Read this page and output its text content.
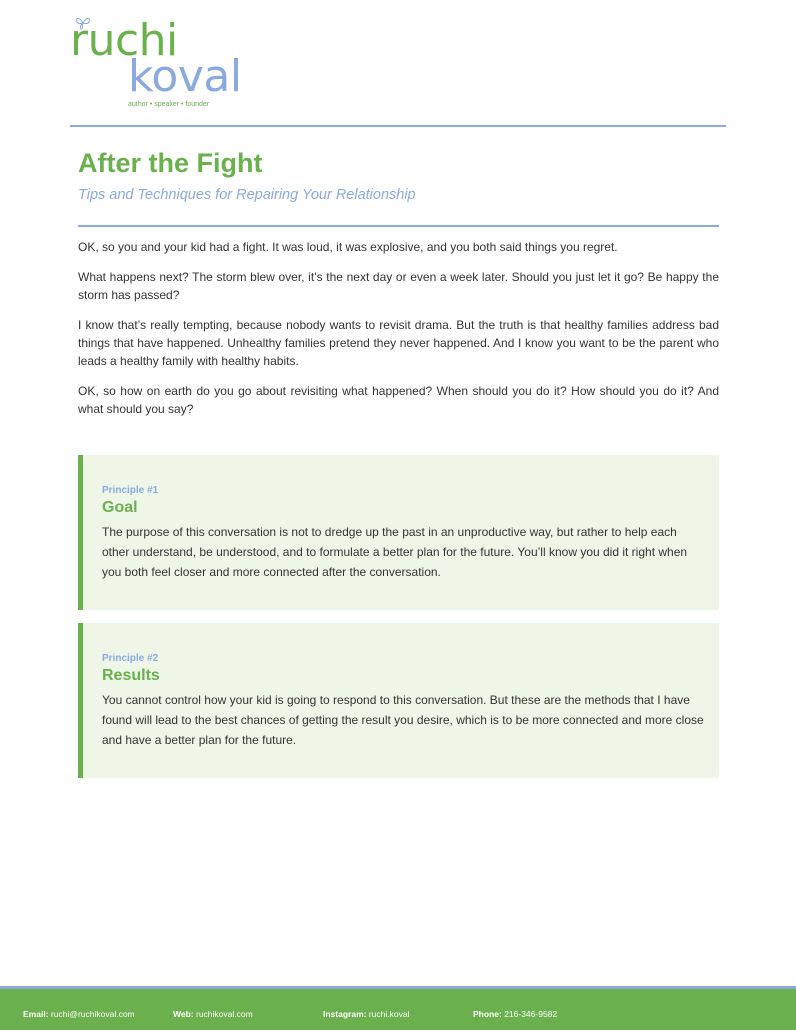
ruchi
koval
author • speaker • founder
After the Fight
Tips and Techniques for Repairing Your Relationship

OK, so you and your kid had a fight. It was loud, it was explosive, and you both said things you regret.

What happens next? The storm blew over, it’s the next day or even a week later. Should you just let it go? Be happy the storm has passed?

I know that’s really tempting, because nobody wants to revisit drama. But the truth is that healthy families address bad things that have happened. Unhealthy families pretend they never happened. And I know you want to be the parent who leads a healthy family with healthy habits.

OK, so how on earth do you go about revisiting what happened? When should you do it? How should you do it? And what should you say?

Principle #1
Goal
The purpose of this conversation is not to dredge up the past in an unproductive way, but rather to help each other understand, be understood, and to formulate a better plan for the future. You’ll know you did it right when you both feel closer and more connected after the conversation.
Principle #2
Results
You cannot control how your kid is going to respond to this conversation. But these are the methods that I have found will lead to the best chances of getting the result you desire, which is to be more connected and more close and have a better plan for the future.
Email: ruchi@ruchikoval.com	Web: ruchikoval.com	Instagram: ruchi.koval	Phone: 216-346-9582
